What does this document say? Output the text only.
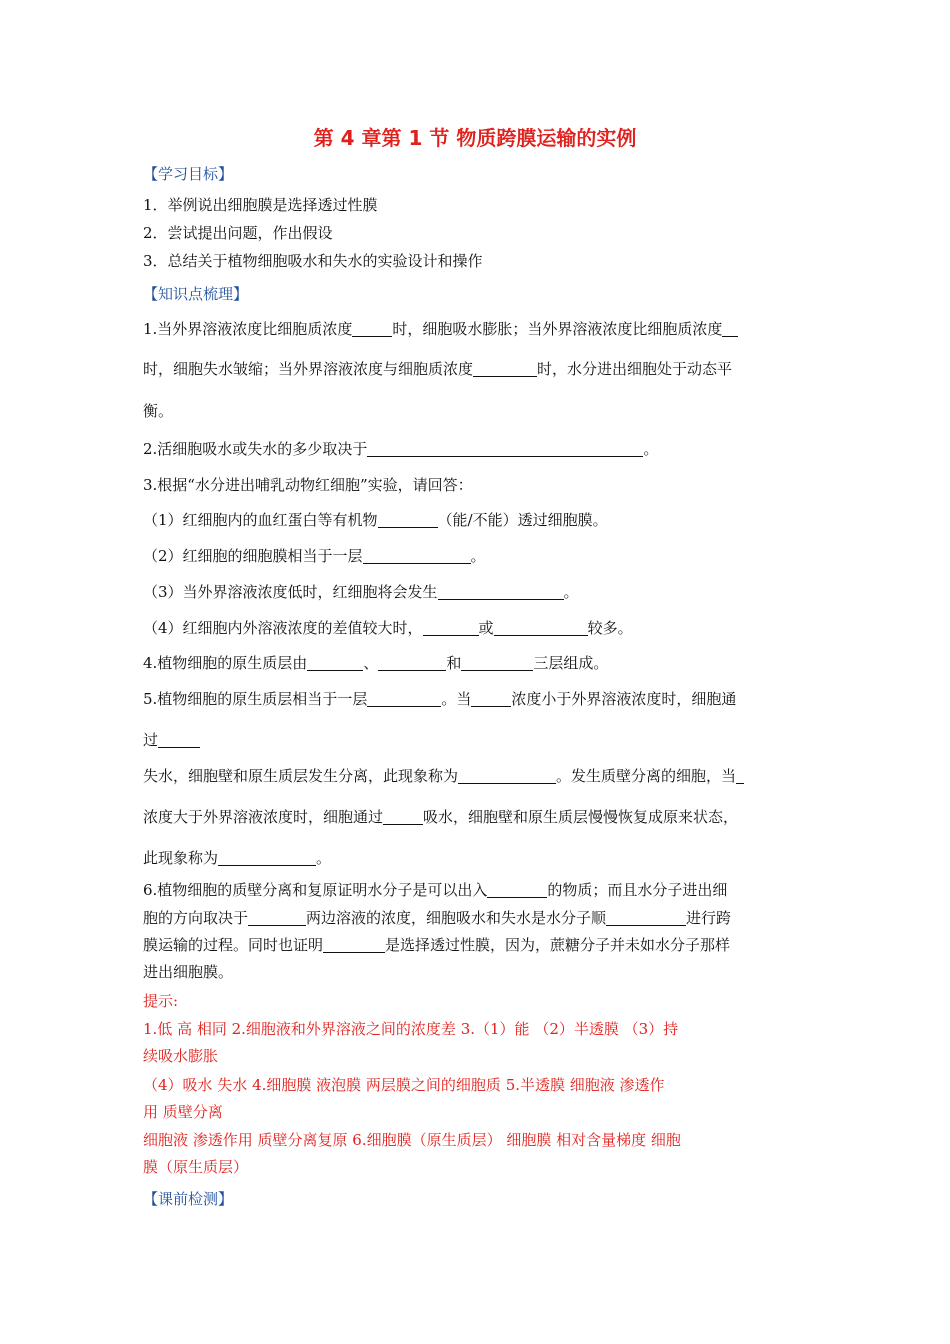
第 4 章第 1 节 物质跨膜运输的实例
【学习目标】
1．举例说出细胞膜是选择透过性膜
2．尝试提出问题，作出假设
3．总结关于植物细胞吸水和失水的实验设计和操作
【知识点梳理】
1.当外界溶液浓度比细胞质浓度	时，细胞吸水膨胀；当外界溶液浓度比细胞质浓度
时，细胞失水皱缩；当外界溶液浓度与细胞质浓度	时，水分进出细胞处于动态平
衡。
2.活细胞吸水或失水的多少取决于	。
3.根据“水分进出哺乳动物红细胞”实验，请回答：
（1）红细胞内的血红蛋白等有机物	（能/不能）透过细胞膜。
（2）红细胞的细胞膜相当于一层	。
（3）当外界溶液浓度低时，红细胞将会发生	。
（4）红细胞内外溶液浓度的差值较大时，	或	较多。
4.植物细胞的原生质层由	、	和	三层组成。
5.植物细胞的原生质层相当于一层	。当	浓度小于外界溶液浓度时，细胞通
过
失水，细胞壁和原生质层发生分离，此现象称为	。发生质壁分离的细胞，当
浓度大于外界溶液浓度时，细胞通过	吸水，细胞壁和原生质层慢慢恢复成原来状态，
此现象称为	。
6.植物细胞的质壁分离和复原证明水分子是可以出入	的物质；而且水分子进出细
胞的方向取决于	两边溶液的浓度，细胞吸水和失水是水分子顺	进行跨
膜运输的过程。同时也证明	是选择透过性膜，因为，蔗糖分子并未如水分子那样
进出细胞膜。
提示:
1.低 高 相同 2.细胞液和外界溶液之间的浓度差 3.（1）能 （2）半透膜 （3）持
续吸水膨胀
（4）吸水 失水 4.细胞膜 液泡膜 两层膜之间的细胞质 5.半透膜 细胞液 渗透作
用 质壁分离
细胞液 渗透作用 质壁分离复原 6.细胞膜（原生质层） 细胞膜 相对含量梯度 细胞
膜（原生质层）
【课前检测】
